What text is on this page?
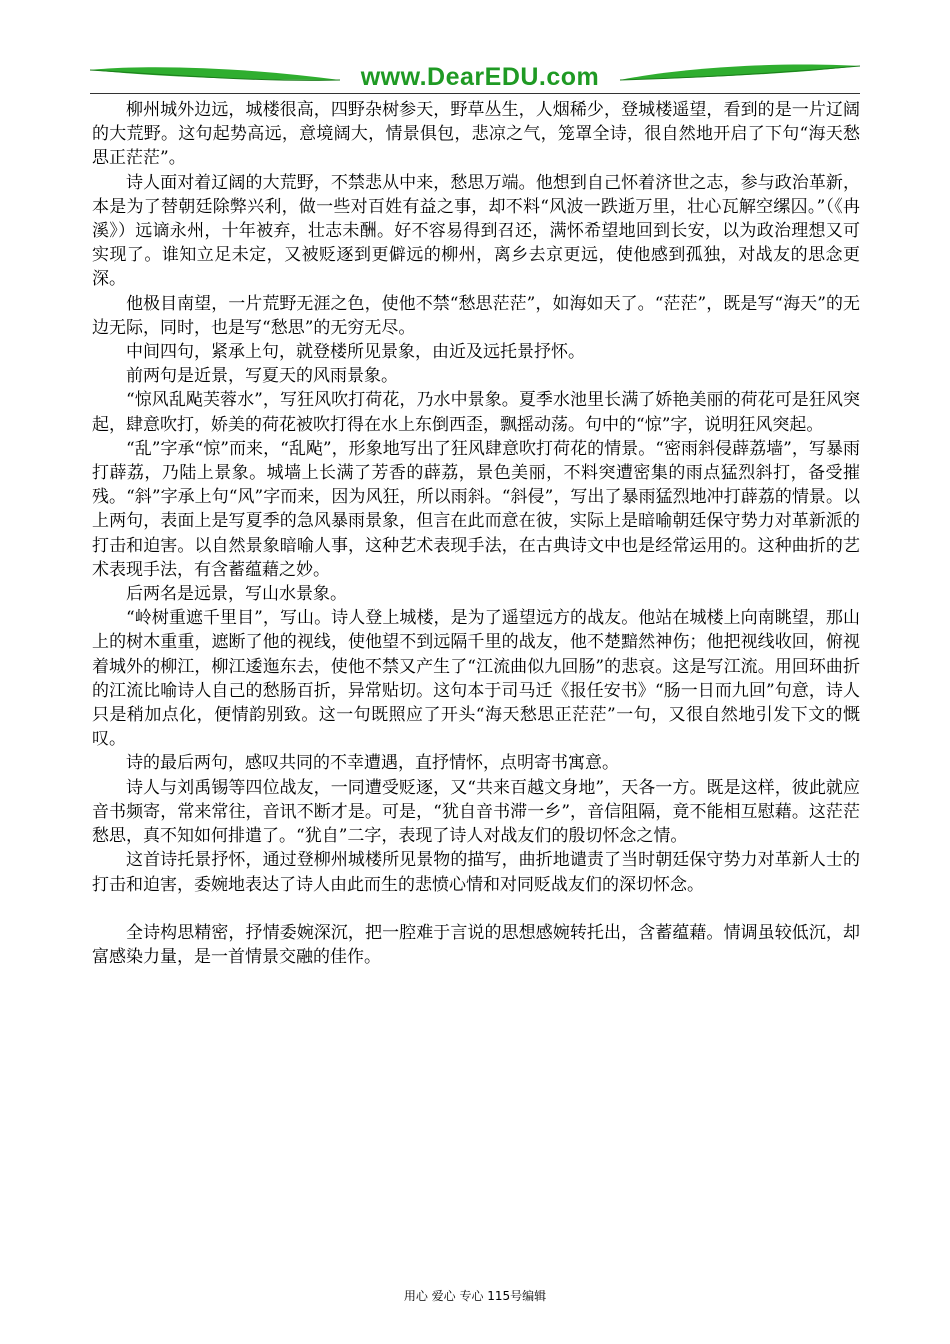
www.DearEDU.com

柳州城外边远，城楼很高，四野杂树参天，野草丛生，人烟稀少，登城楼遥望，看到的是一片辽阔的大荒野。这句起势高远，意境阔大，情景俱包，悲凉之气，笼罩全诗，很自然地开启了下句“海天愁思正茫茫”。

诗人面对着辽阔的大荒野，不禁悲从中来，愁思万端。他想到自己怀着济世之志，参与政治革新，本是为了替朝廷除弊兴利，做一些对百姓有益之事，却不料“风波一跌逝万里，壮心瓦解空缧囚。”（《冉溪》）远谪永州，十年被弃，壮志未酬。好不容易得到召还，满怀希望地回到长安，以为政治理想又可实现了。谁知立足未定，又被贬逐到更僻远的柳州，离乡去京更远，使他感到孤独，对战友的思念更深。

他极目南望，一片荒野无涯之色，使他不禁“愁思茫茫”，如海如天了。“茫茫”，既是写“海天”的无边无际，同时，也是写“愁思”的无穷无尽。

中间四句，紧承上句，就登楼所见景象，由近及远托景抒怀。

前两句是近景，写夏天的风雨景象。

“惊风乱飐芙蓉水”，写狂风吹打荷花，乃水中景象。夏季水池里长满了娇艳美丽的荷花可是狂风突起，肆意吹打，娇美的荷花被吹打得在水上东倒西歪，飘摇动荡。句中的“惊”字，说明狂风突起。

“乱”字承“惊”而来，“乱飐”，形象地写出了狂风肆意吹打荷花的情景。“密雨斜侵薜荔墙”，写暴雨打薜荔，乃陆上景象。城墙上长满了芳香的薜荔，景色美丽，不料突遭密集的雨点猛烈斜打，备受摧残。“斜”字承上句“风”字而来，因为风狂，所以雨斜。“斜侵”，写出了暴雨猛烈地冲打薜荔的情景。以上两句，表面上是写夏季的急风暴雨景象，但言在此而意在彼，实际上是暗喻朝廷保守势力对革新派的打击和迫害。以自然景象暗喻人事，这种艺术表现手法，在古典诗文中也是经常运用的。这种曲折的艺术表现手法，有含蓄蕴藉之妙。

后两名是远景，写山水景象。

“岭树重遮千里目”，写山。诗人登上城楼，是为了遥望远方的战友。他站在城楼上向南眺望，那山上的树木重重，遮断了他的视线，使他望不到远隔千里的战友，他不楚黯然神伤；他把视线收回，俯视着城外的柳江，柳江逶迤东去，使他不禁又产生了“江流曲似九回肠”的悲哀。这是写江流。用回环曲折的江流比喻诗人自己的愁肠百折，异常贴切。这句本于司马迁《报任安书》“肠一日而九回”句意，诗人只是稍加点化，便情韵别致。这一句既照应了开头“海天愁思正茫茫”一句，又很自然地引发下文的慨叹。

诗的最后两句，感叹共同的不幸遭遇，直抒情怀，点明寄书寓意。

诗人与刘禹锡等四位战友，一同遭受贬逐，又“共来百越文身地”，天各一方。既是这样，彼此就应音书频寄，常来常往，音讯不断才是。可是，“犹自音书滞一乡”，音信阻隔，竟不能相互慰藉。这茫茫愁思，真不知如何排遣了。“犹自”二字，表现了诗人对战友们的殷切怀念之情。

这首诗托景抒怀，通过登柳州城楼所见景物的描写，曲折地谴责了当时朝廷保守势力对革新人士的打击和迫害，委婉地表达了诗人由此而生的悲愤心情和对同贬战友们的深切怀念。

全诗构思精密，抒情委婉深沉，把一腔难于言说的思想感婉转托出，含蓄蕴藉。情调虽较低沉，却富感染力量，是一首情景交融的佳作。

用心 爱心 专心 115号编辑
